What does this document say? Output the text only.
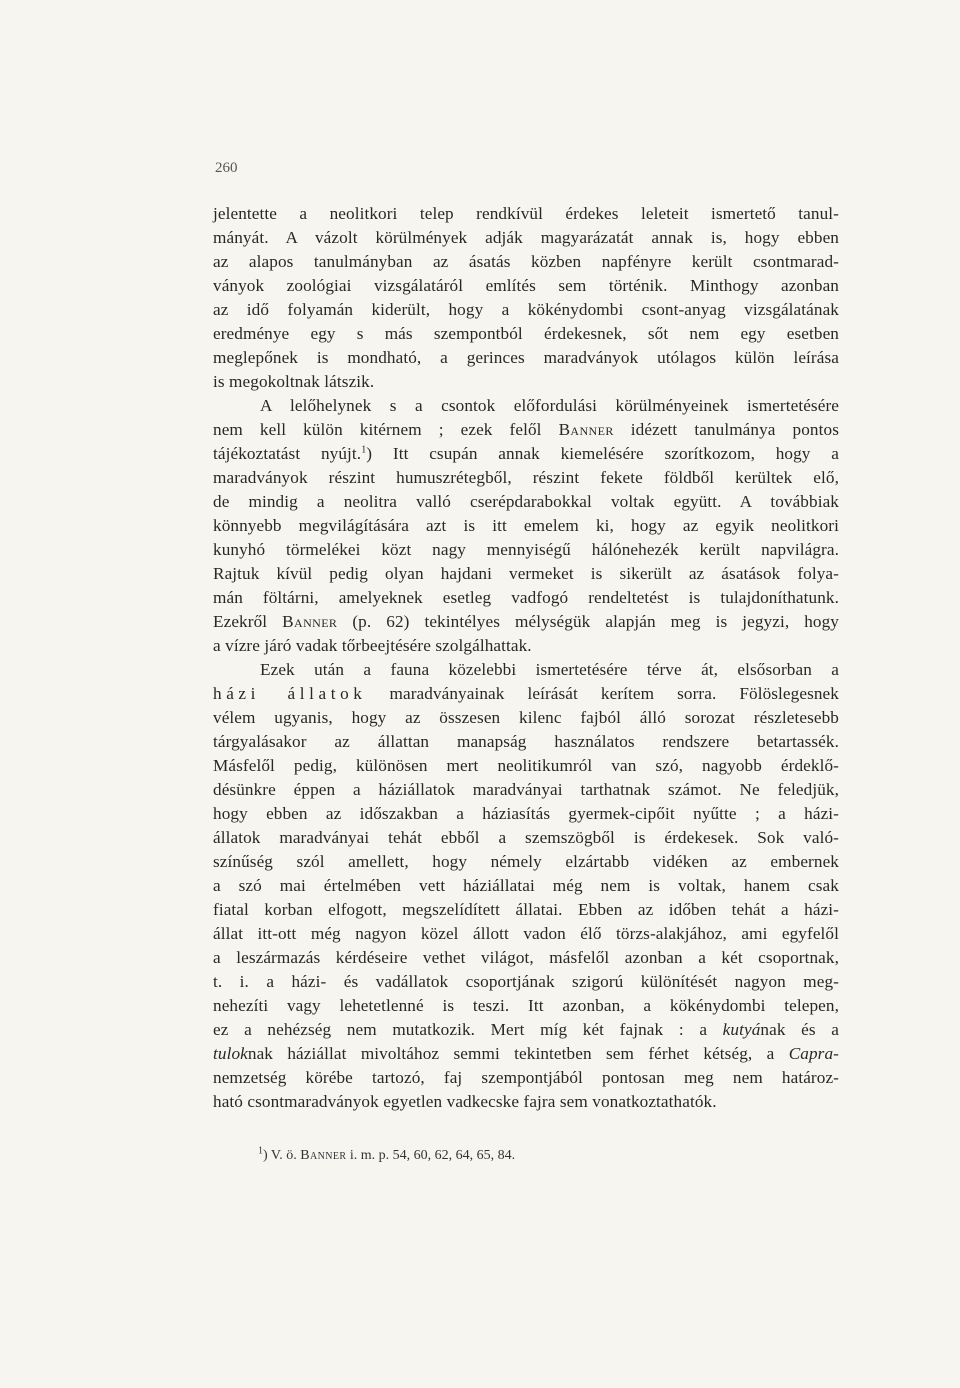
260
jelentette a neolitkori telep rendkívül érdekes leleteit ismertető tanul-
mányát. A vázolt körülmények adják magyarázatát annak is, hogy ebben
az alapos tanulmányban az ásatás közben napfényre került csontmarad-
ványok zoológiai vizsgálatáról említés sem történik. Minthogy azonban
az idő folyamán kiderült, hogy a kökénydombi csont-anyag vizsgálatának
eredménye egy s más szempontból érdekesnek, sőt nem egy esetben
meglepőnek is mondható, a gerinces maradványok utólagos külön leírása
is megokoltnak látszik.
A lelőhelynek s a csontok előfordulási körülményeinek ismertetésére
nem kell külön kitérnem ; ezek felől Banner idézett tanulmánya pontos
tájékoztatást nyújt.$^1$) Itt csupán annak kiemelésére szorítkozom, hogy a
maradványok részint humuszrétegből, részint fekete földből kerültek elő,
de mindig a neolitra valló cserépdarabokkal voltak együtt. A továbbiak
könnyebb megvilágítására azt is itt emelem ki, hogy az egyik neolitkori
kunyhó törmelékei közt nagy mennyiségű hálónehezék került napvilágra.
Rajtuk kívül pedig olyan hajdani vermeket is sikerült az ásatások folya-
mán föltárni, amelyeknek esetleg vadfogó rendeltetést is tulajdoníthatunk.
Ezekről Banner (p. 62) tekintélyes mélységük alapján meg is jegyzi, hogy
a vízre járó vadak tőrbeejtésére szolgálhattak.
Ezek után a fauna közelebbi ismertetésére térve át, elsősorban a
házi állatok maradványainak leírását kerítem sorra. Fölöslegesnek
vélem ugyanis, hogy az összesen kilenc fajból álló sorozat részletesebb
tárgyalásakor az állattan manapság használatos rendszere betartassék.
Másfelől pedig, különösen mert neolitikumról van szó, nagyobb érdeklő-
désünkre éppen a háziállatok maradványai tarthatnak számot. Ne feledjük,
hogy ebben az időszakban a háziasítás gyermek-cipőit nyűtte ; a házi-
állatok maradványai tehát ebből a szemszögből is érdekesek. Sok való-
színűség szól amellett, hogy némely elzártabb vidéken az embernek
a szó mai értelmében vett háziállatai még nem is voltak, hanem csak
fiatal korban elfogott, megszelídített állatai. Ebben az időben tehát a házi-
állat itt-ott még nagyon közel állott vadon élő törzs-alakjához, ami egyfelől
a leszármazás kérdéseire vethet világot, másfelől azonban a két csoportnak,
t. i. a házi- és vadállatok csoportjának szigorú különítését nagyon meg-
nehezíti vagy lehetetlenné is teszi. Itt azonban, a kökénydombi telepen,
ez a nehézség nem mutatkozik. Mert míg két fajnak : a kutyának és a
tuloknak háziállat mivoltához semmi tekintetben sem férhet kétség, a Capra-
nemzetség körébe tartozó, faj szempontjából pontosan meg nem határoz-
ható csontmaradványok egyetlen vadkecske fajra sem vonatkoztathatók.
$^1$) V. ö. Banner i. m. p. 54, 60, 62, 64, 65, 84.
